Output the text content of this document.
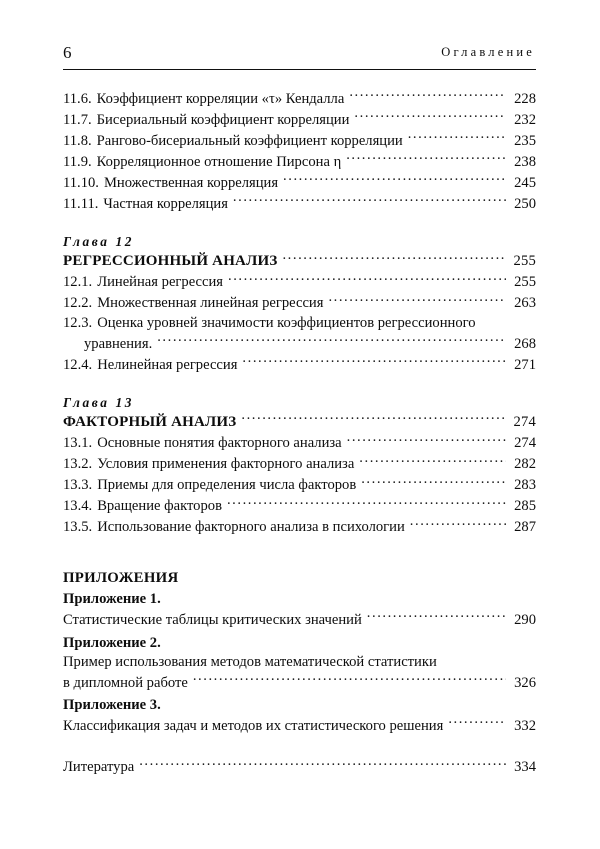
6	Оглавление
11.6. Коэффициент корреляции «τ» Кендалла .....	228
11.7. Бисериальный коэффициент корреляции .....	232
11.8. Рангово-бисериальный коэффициент корреляции .....	235
11.9. Корреляционное отношение Пирсона η .....	238
11.10. Множественная корреляция .....	245
11.11. Частная корреляция .....	250
Глава 12
РЕГРЕССИОННЫЙ АНАЛИЗ .....	255
12.1. Линейная регрессия .....	255
12.2. Множественная линейная регрессия .....	263
12.3. Оценка уровней значимости коэффициентов регрессионного
уравнения. .....	268
12.4. Нелинейная регрессия .....	271
Глава 13
ФАКТОРНЫЙ АНАЛИЗ .....	274
13.1. Основные понятия факторного анализа .....	274
13.2. Условия применения факторного анализа .....	282
13.3. Приемы для определения числа факторов .....	283
13.4. Вращение факторов .....	285
13.5. Использование факторного анализа в психологии .....	287
ПРИЛОЖЕНИЯ
Приложение 1.
Статистические таблицы критических значений .....	290
Приложение 2.
Пример использования методов математической статистики
в дипломной работе .....	326
Приложение 3.
Классификация задач и методов их статистического решения .....	332
Литература .....	334
